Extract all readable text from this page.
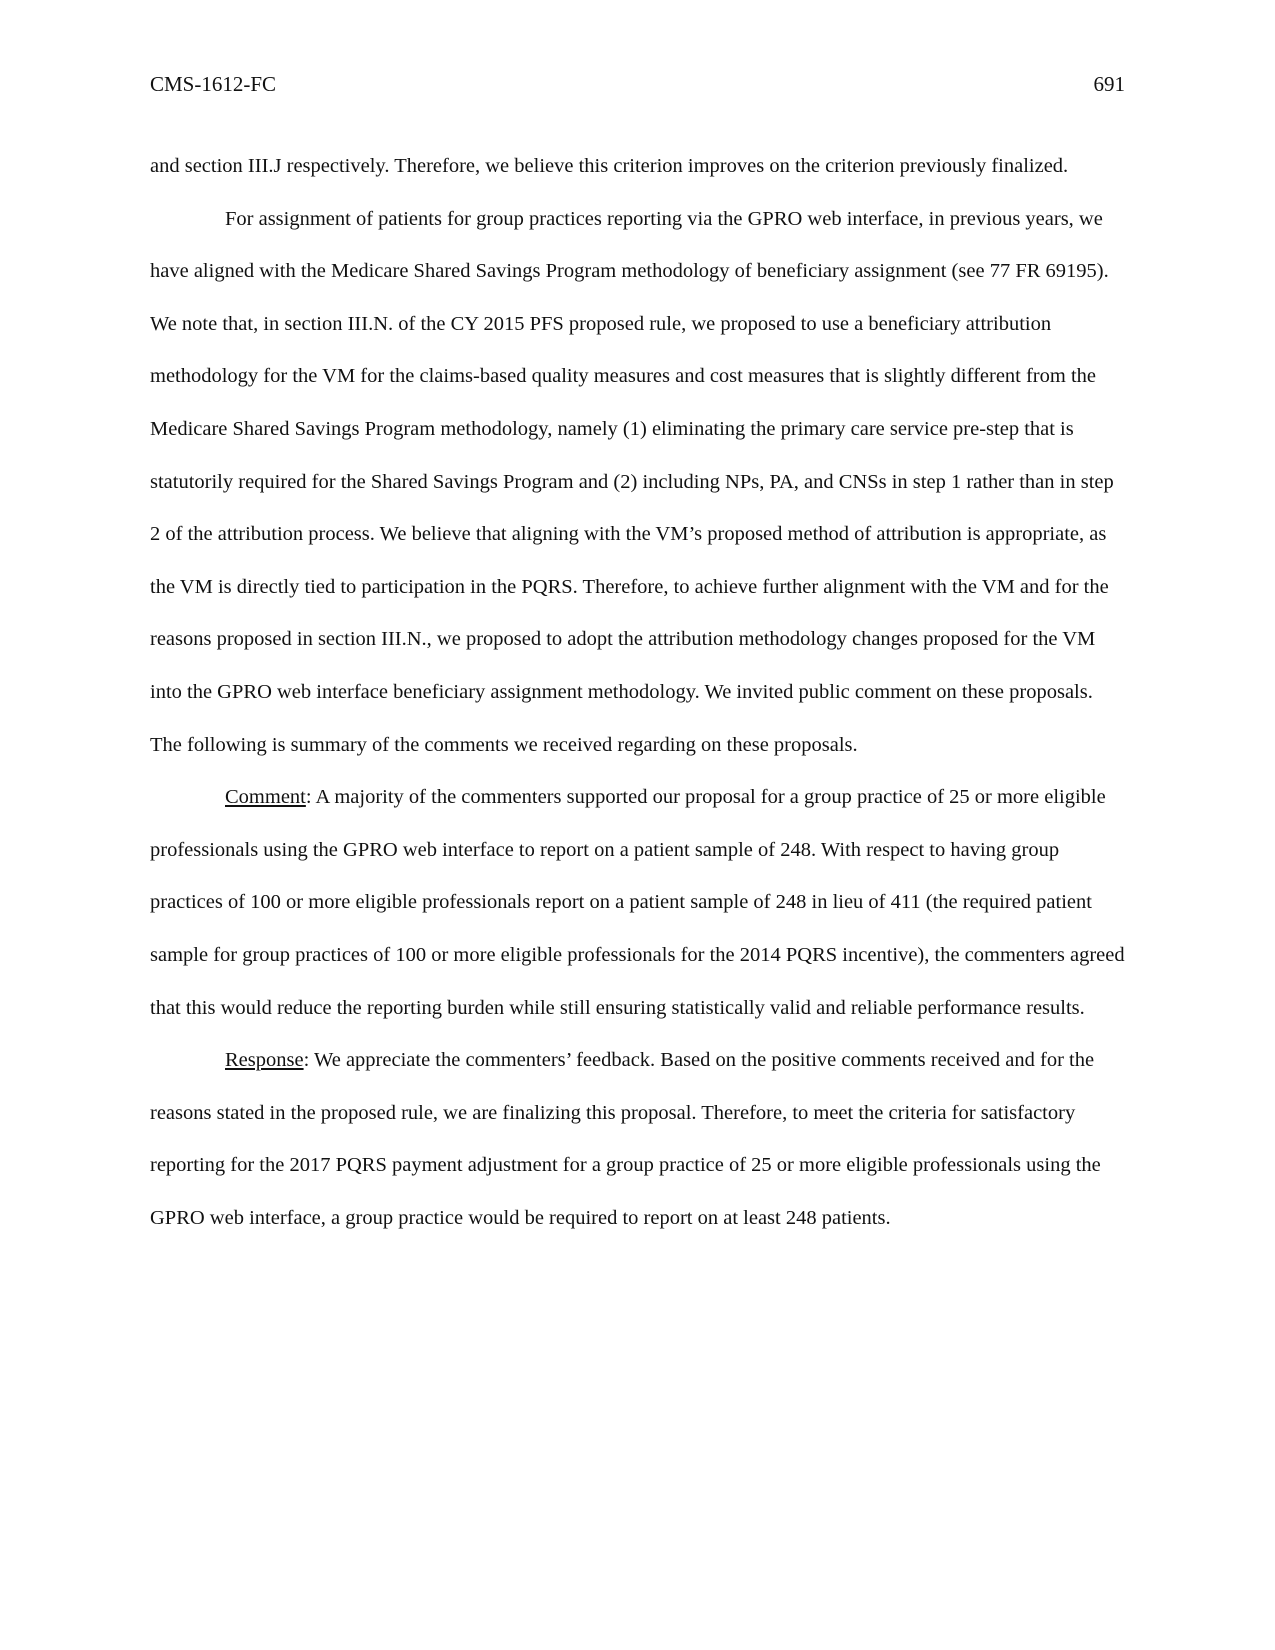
CMS-1612-FC	691

and section III.J respectively. Therefore, we believe this criterion improves on the criterion previously finalized.

For assignment of patients for group practices reporting via the GPRO web interface, in previous years, we have aligned with the Medicare Shared Savings Program methodology of beneficiary assignment (see 77 FR 69195). We note that, in section III.N. of the CY 2015 PFS proposed rule, we proposed to use a beneficiary attribution methodology for the VM for the claims-based quality measures and cost measures that is slightly different from the Medicare Shared Savings Program methodology, namely (1) eliminating the primary care service pre-step that is statutorily required for the Shared Savings Program and (2) including NPs, PA, and CNSs in step 1 rather than in step 2 of the attribution process. We believe that aligning with the VM’s proposed method of attribution is appropriate, as the VM is directly tied to participation in the PQRS. Therefore, to achieve further alignment with the VM and for the reasons proposed in section III.N., we proposed to adopt the attribution methodology changes proposed for the VM into the GPRO web interface beneficiary assignment methodology. We invited public comment on these proposals. The following is summary of the comments we received regarding on these proposals.

Comment: A majority of the commenters supported our proposal for a group practice of 25 or more eligible professionals using the GPRO web interface to report on a patient sample of 248. With respect to having group practices of 100 or more eligible professionals report on a patient sample of 248 in lieu of 411 (the required patient sample for group practices of 100 or more eligible professionals for the 2014 PQRS incentive), the commenters agreed that this would reduce the reporting burden while still ensuring statistically valid and reliable performance results.

Response: We appreciate the commenters’ feedback. Based on the positive comments received and for the reasons stated in the proposed rule, we are finalizing this proposal. Therefore, to meet the criteria for satisfactory reporting for the 2017 PQRS payment adjustment for a group practice of 25 or more eligible professionals using the GPRO web interface, a group practice would be required to report on at least 248 patients.
